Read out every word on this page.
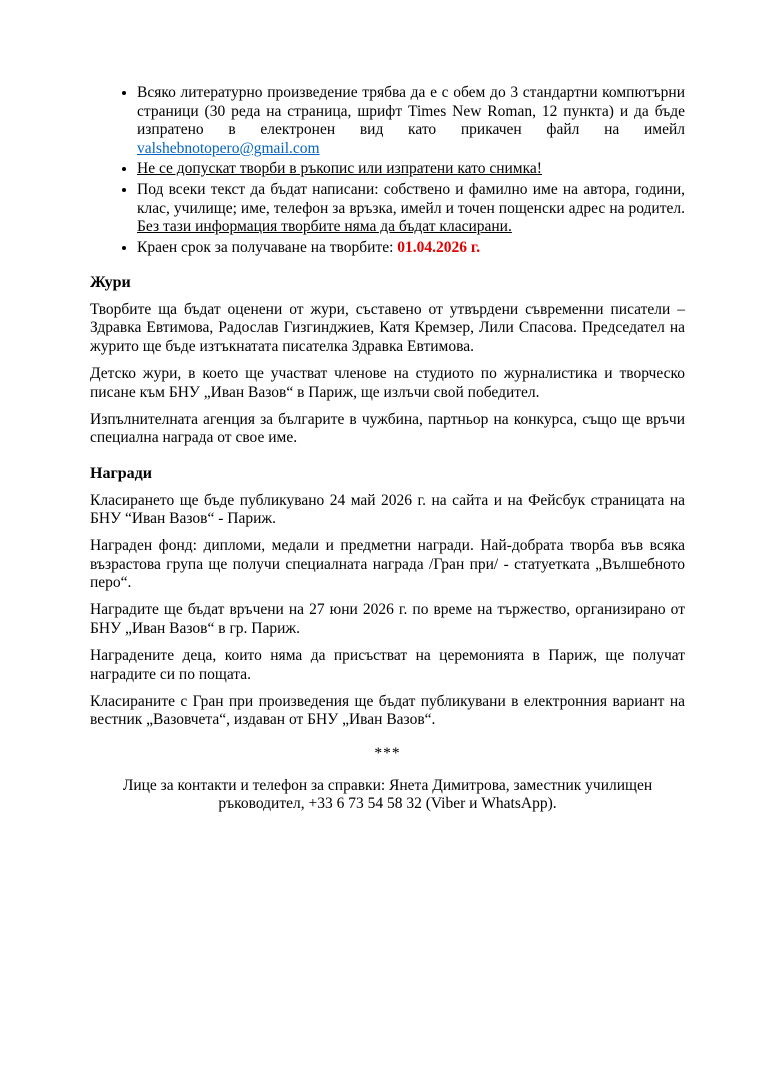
• Всяко литературно произведение трябва да е с обем до 3 стандартни компютърни страници (30 реда на страница, шрифт Times New Roman, 12 пункта) и да бъде изпратено в електронен вид като прикачен файл на имейл valshebnotopero@gmail.com
• Не се допускат творби в ръкопис или изпратени като снимка!
• Под всеки текст да бъдат написани: собствено и фамилно име на автора, години, клас, училище; име, телефон за връзка, имейл и точен пощенски адрес на родител. Без тази информация творбите няма да бъдат класирани.
• Краен срок за получаване на творбите: 01.04.2026 г.
Жури

Творбите ща бъдат оценени от жури, съставено от утвърдени съвременни писатели – Здравка Евтимова, Радослав Гизгинджиев, Катя Кремзер, Лили Спасова. Председател на журито ще бъде изтъкнатата писателка Здравка Евтимова.

Детско жури, в което ще участват членове на студиото по журналистика и творческо писане към БНУ „Иван Вазов“ в Париж, ще излъчи свой победител.

Изпълнителната агенция за българите в чужбина, партньор на конкурса, също ще връчи специална награда от свое име.

Награди

Класирането ще бъде публикувано 24 май 2026 г. на сайта и на Фейсбук страницата на БНУ “Иван Вазов“ - Париж.

Награден фонд: дипломи, медали и предметни награди. Най-добрата творба във всяка възрастова група ще получи специалната награда /Гран при/ - статуетката „Вълшебното перо“.

Наградите ще бъдат връчени на 27 юни 2026 г. по време на тържество, организирано от БНУ „Иван Вазов“ в гр. Париж.

Наградените деца, които няма да присъстват на церемонията в Париж, ще получат наградите си по пощата.

Класираните с Гран при произведения ще бъдат публикувани в електронния вариант на вестник „Вазовчета“, издаван от БНУ „Иван Вазов“.

***

Лице за контакти и телефон за справки: Янета Димитрова, заместник училищен ръководител, +33 6 73 54 58 32 (Viber и WhatsApp).
